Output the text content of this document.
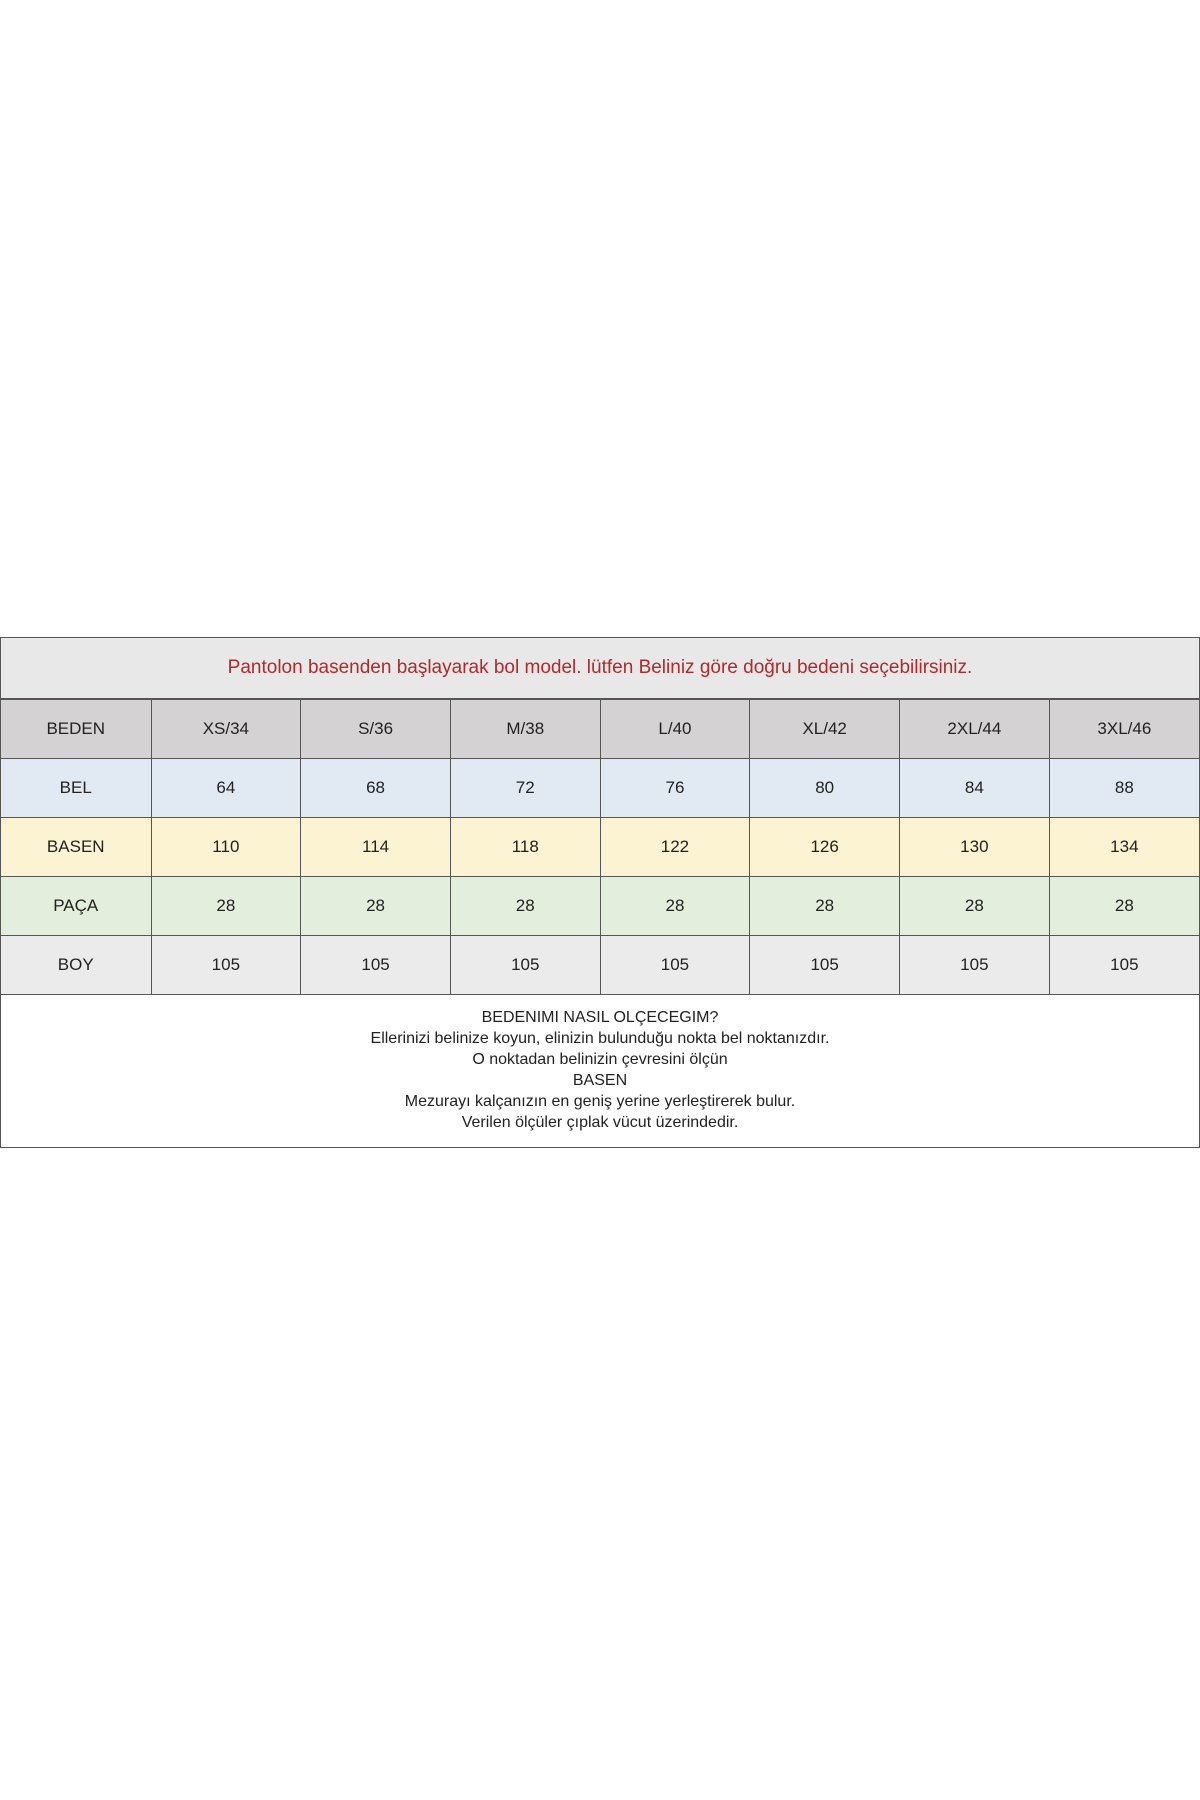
Pantolon basenden başlayarak bol model. lütfen Beliniz göre doğru bedeni seçebilirsiniz.
BEDEN	XS/34	S/36	M/38	L/40	XL/42	2XL/44	3XL/46
BEL	64	68	72	76	80	84	88
BASEN	110	114	118	122	126	130	134
PAÇA	28	28	28	28	28	28	28
BOY	105	105	105	105	105	105	105
BEDENIMI NASIL OLÇECEGIM?
Ellerinizi belinize koyun, elinizin bulunduğu nokta bel noktanızdır.
O noktadan belinizin çevresini ölçün
BASEN
Mezurayı kalçanızın en geniş yerine yerleştirerek bulur.
Verilen ölçüler çıplak vücut üzerindedir.
